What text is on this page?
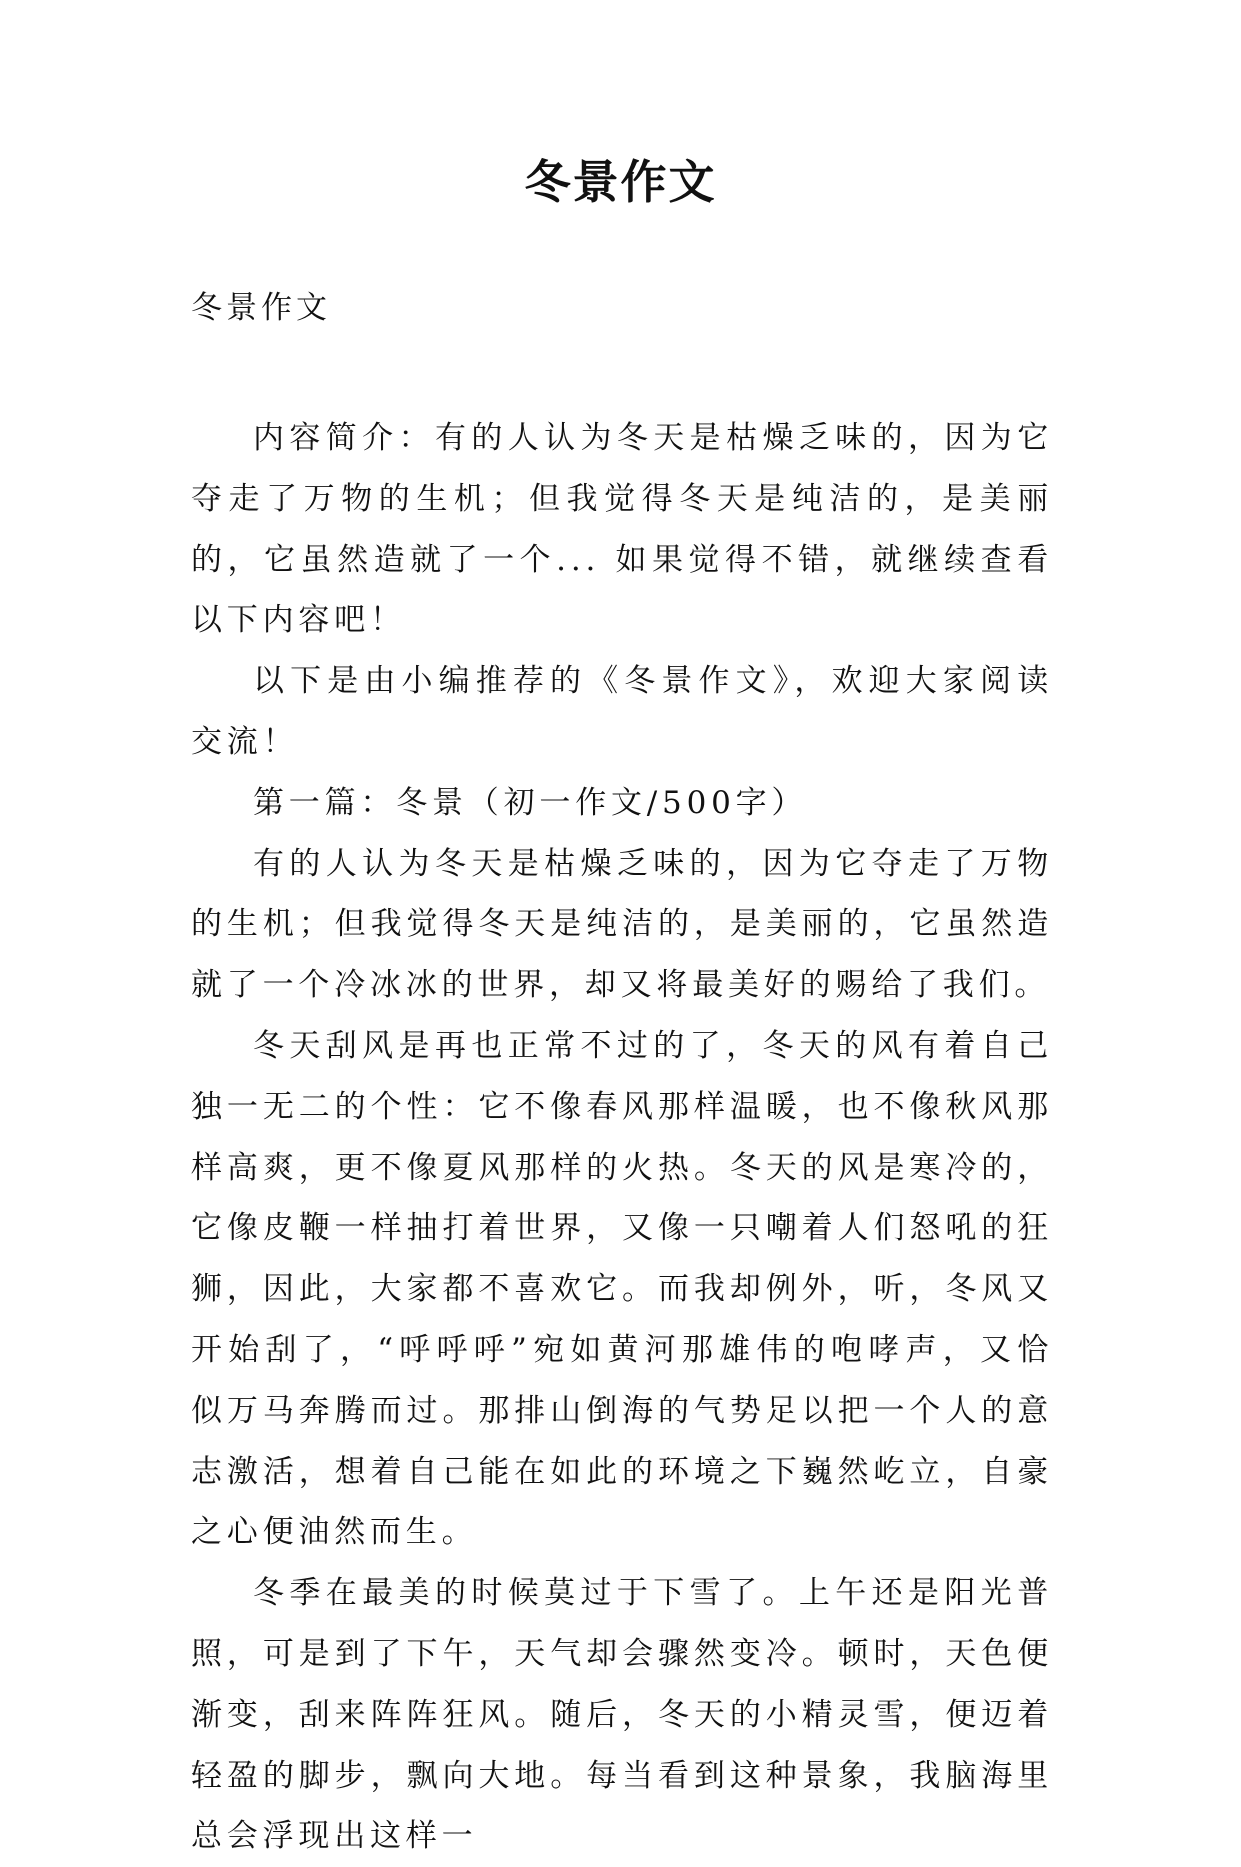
冬景作文
冬景作文

内容简介：有的人认为冬天是枯燥乏味的，因为它夺走了万物的生机；但我觉得冬天是纯洁的，是美丽的，它虽然造就了一个... 如果觉得不错，就继续查看以下内容吧！

以下是由小编推荐的《冬景作文》，欢迎大家阅读交流！

第一篇：冬景（初一作文/500字）

有的人认为冬天是枯燥乏味的，因为它夺走了万物的生机；但我觉得冬天是纯洁的，是美丽的，它虽然造就了一个冷冰冰的世界，却又将最美好的赐给了我们。

冬天刮风是再也正常不过的了，冬天的风有着自己独一无二的个性：它不像春风那样温暖，也不像秋风那样高爽，更不像夏风那样的火热。冬天的风是寒冷的，它像皮鞭一样抽打着世界，又像一只嘲着人们怒吼的狂狮，因此，大家都不喜欢它。而我却例外，听，冬风又开始刮了，“呼呼呼”宛如黄河那雄伟的咆哮声，又恰似万马奔腾而过。那排山倒海的气势足以把一个人的意志激活，想着自己能在如此的环境之下巍然屹立，自豪之心便油然而生。

冬季在最美的时候莫过于下雪了。上午还是阳光普照，可是到了下午，天气却会骤然变冷。顿时，天色便渐变，刮来阵阵狂风。随后，冬天的小精灵雪，便迈着轻盈的脚步，飘向大地。每当看到这种景象，我脑海里总会浮现出这样一
